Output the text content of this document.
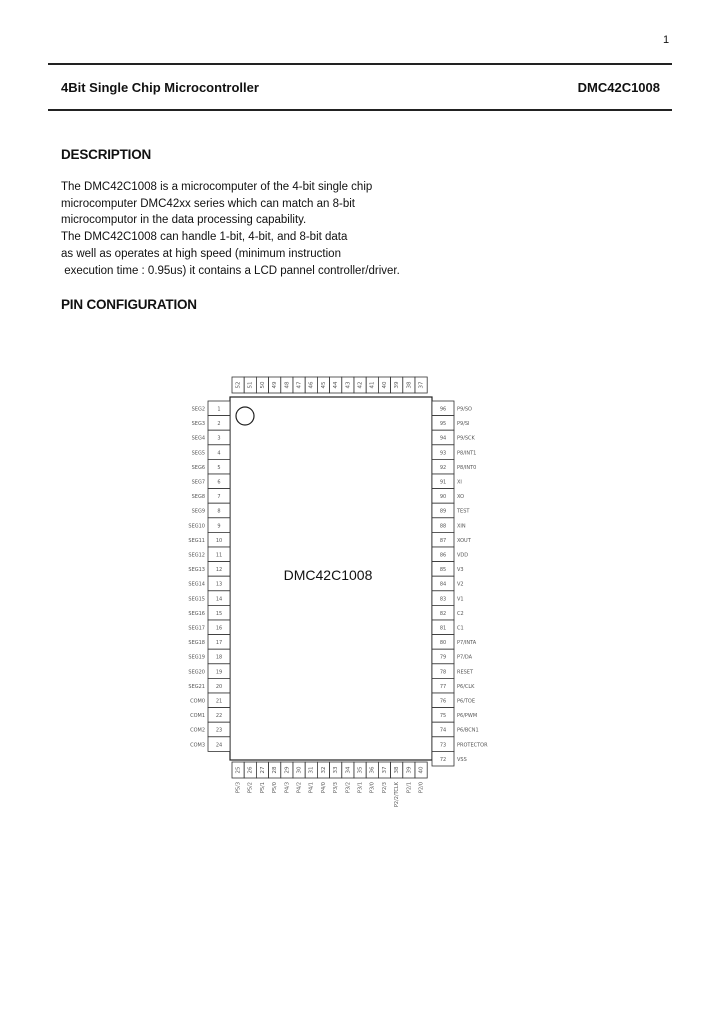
1
4Bit Single Chip Microcontroller	DMC42C1008
DESCRIPTION
The DMC42C1008 is a microcomputer of the 4-bit single chip
microcomputer DMC42xx series which can match an 8-bit
microcomputor in the data processing capability.
The DMC42C1008 can handle 1-bit, 4-bit, and 8-bit data
as well as operates at high speed (minimum instruction
execution time : 0.95us) it contains a LCD pannel controller/driver.
PIN CONFIGURATION
DMC42C1008
52 51 50 49 48 47 46 45 44 43 42 41 40 39 38 37
1
SEG2
2
SEG3
3
SEG4
4
SEG5
5
SEG6
6
SEG7
7
SEG8
8
SEG9
9
SEG10
10
SEG11
11
SEG12
12
SEG13
13
SEG14
14
SEG15
15
SEG16
16
SEG17
17
SEG18
18
SEG19
19
SEG20
20
SEG21
21
COM0
22
COM1
23
COM2
24
COM3
96 P9/SO
95 P9/SI
94 P9/SCK
93 P8/INT1
92 P8/INT0
91 XI
90 XO
89 TEST
88 XIN
87 XOUT
86 VDD
85 V3
84 V2
83 V1
82 C2
81 C1
80 P7/INTA
79 P7/DA
78 RESET
77 P6/CLK
76 P6/TOE
75 P6/PWM
74 P6/BCN1
73 PROTECTOR
72 VSS
25
P5/3
26
P5/2
27
P5/1
28
P5/0
29
P4/3
30
P4/2
31
P4/1
32
P4/0
33
P3/3
34
P3/2
35
P3/1
36
P3/0
37
P2/3
38
P2/2/TCLK
39
P2/1
40
P2/0
